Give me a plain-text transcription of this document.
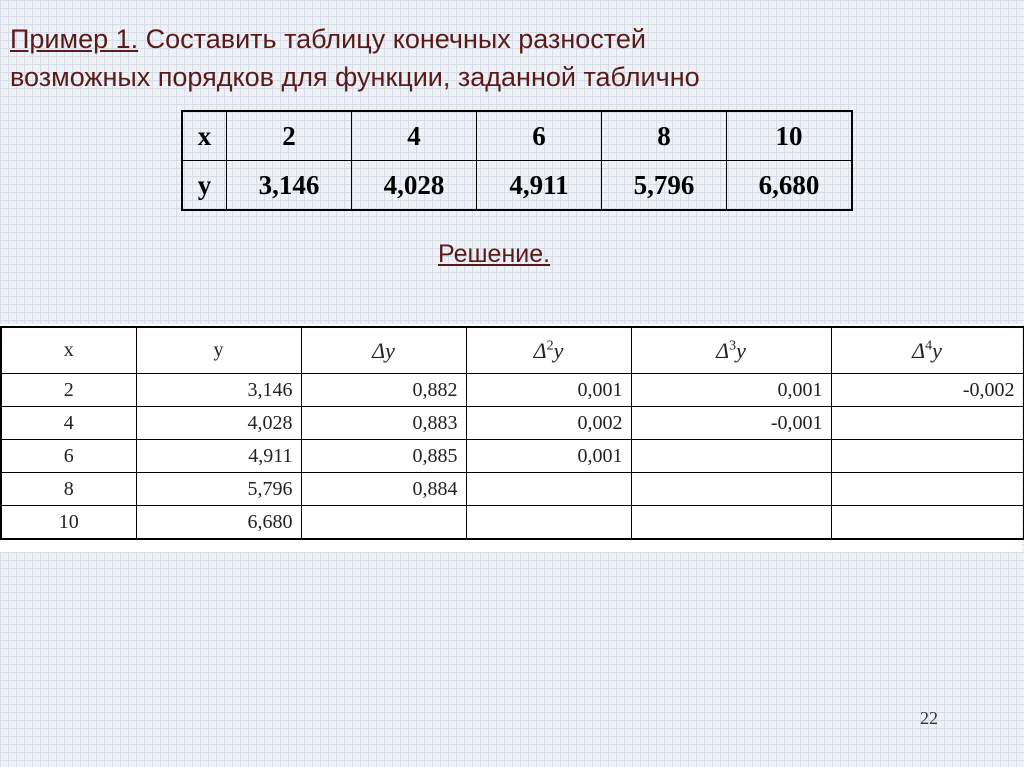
Пример 1. Составить таблицу конечных разностей
возможных порядков для функции, заданной таблично
x	2	4	6	8	10
y	3,146	4,028	4,911	5,796	6,680
Решение.
x	y	Δy	$\Delta^2y$	$\Delta^3y$	$\Delta^4y$
2	3,146	0,882	0,001	0,001	-0,002
4	4,028	0,883	0,002	-0,001	
6	4,911	0,885	0,001		
8	5,796	0,884			
10	6,680				
22
